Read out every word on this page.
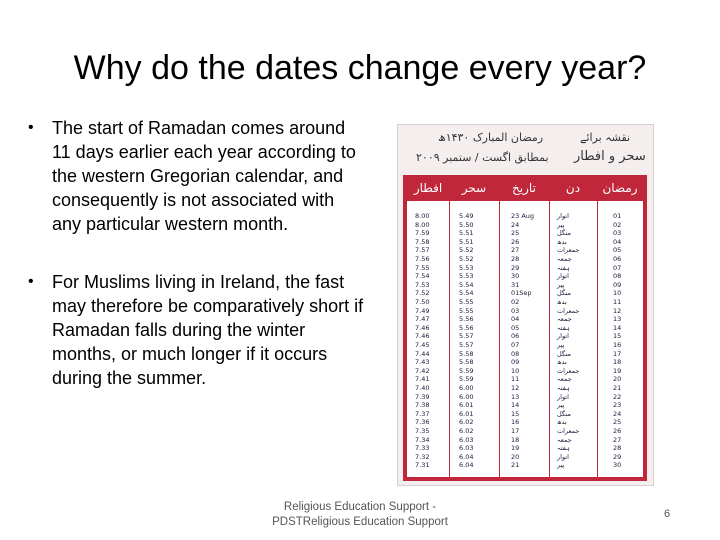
Why do the dates change every year?
• The start of Ramadan comes around 11 days earlier each year according to the western Gregorian calendar, and consequently is not associated with any particular western month.
• For Muslims living in Ireland, the fast may therefore be comparatively short if Ramadan falls during the winter months, or much longer if it occurs during the summer.
نقشہ برائے
سحر و افطار
رمضان المبارک ۱۴۳۰ھ
بمطابق اگست / ستمبر ۲۰۰۹
افطار	سحر	تاریخ	دن	رمضان
8.00	5.49	23 Aug	اتوار	01
8.00	5.50	24	پیر	02
7.59	5.51	25	منگل	03
7.58	5.51	26	بدھ	04
7.57	5.52	27	جمعرات	05
7.56	5.52	28	جمعہ	06
7.55	5.53	29	ہفتہ	07
7.54	5.53	30	اتوار	08
7.53	5.54	31	پیر	09
7.52	5.54	01Sep	منگل	10
7.50	5.55	02	بدھ	11
7.49	5.55	03	جمعرات	12
7.47	5.56	04	جمعہ	13
7.46	5.56	05	ہفتہ	14
7.46	5.57	06	اتوار	15
7.45	5.57	07	پیر	16
7.44	5.58	08	منگل	17
7.43	5.58	09	بدھ	18
7.42	5.59	10	جمعرات	19
7.41	5.59	11	جمعہ	20
7.40	6.00	12	ہفتہ	21
7.39	6.00	13	اتوار	22
7.38	6.01	14	پیر	23
7.37	6.01	15	منگل	24
7.36	6.02	16	بدھ	25
7.35	6.02	17	جمعرات	26
7.34	6.03	18	جمعہ	27
7.33	6.03	19	ہفتہ	28
7.32	6.04	20	اتوار	29
7.31	6.04	21	پیر	30
Religious Education Support - PDSTReligious Education Support
6
